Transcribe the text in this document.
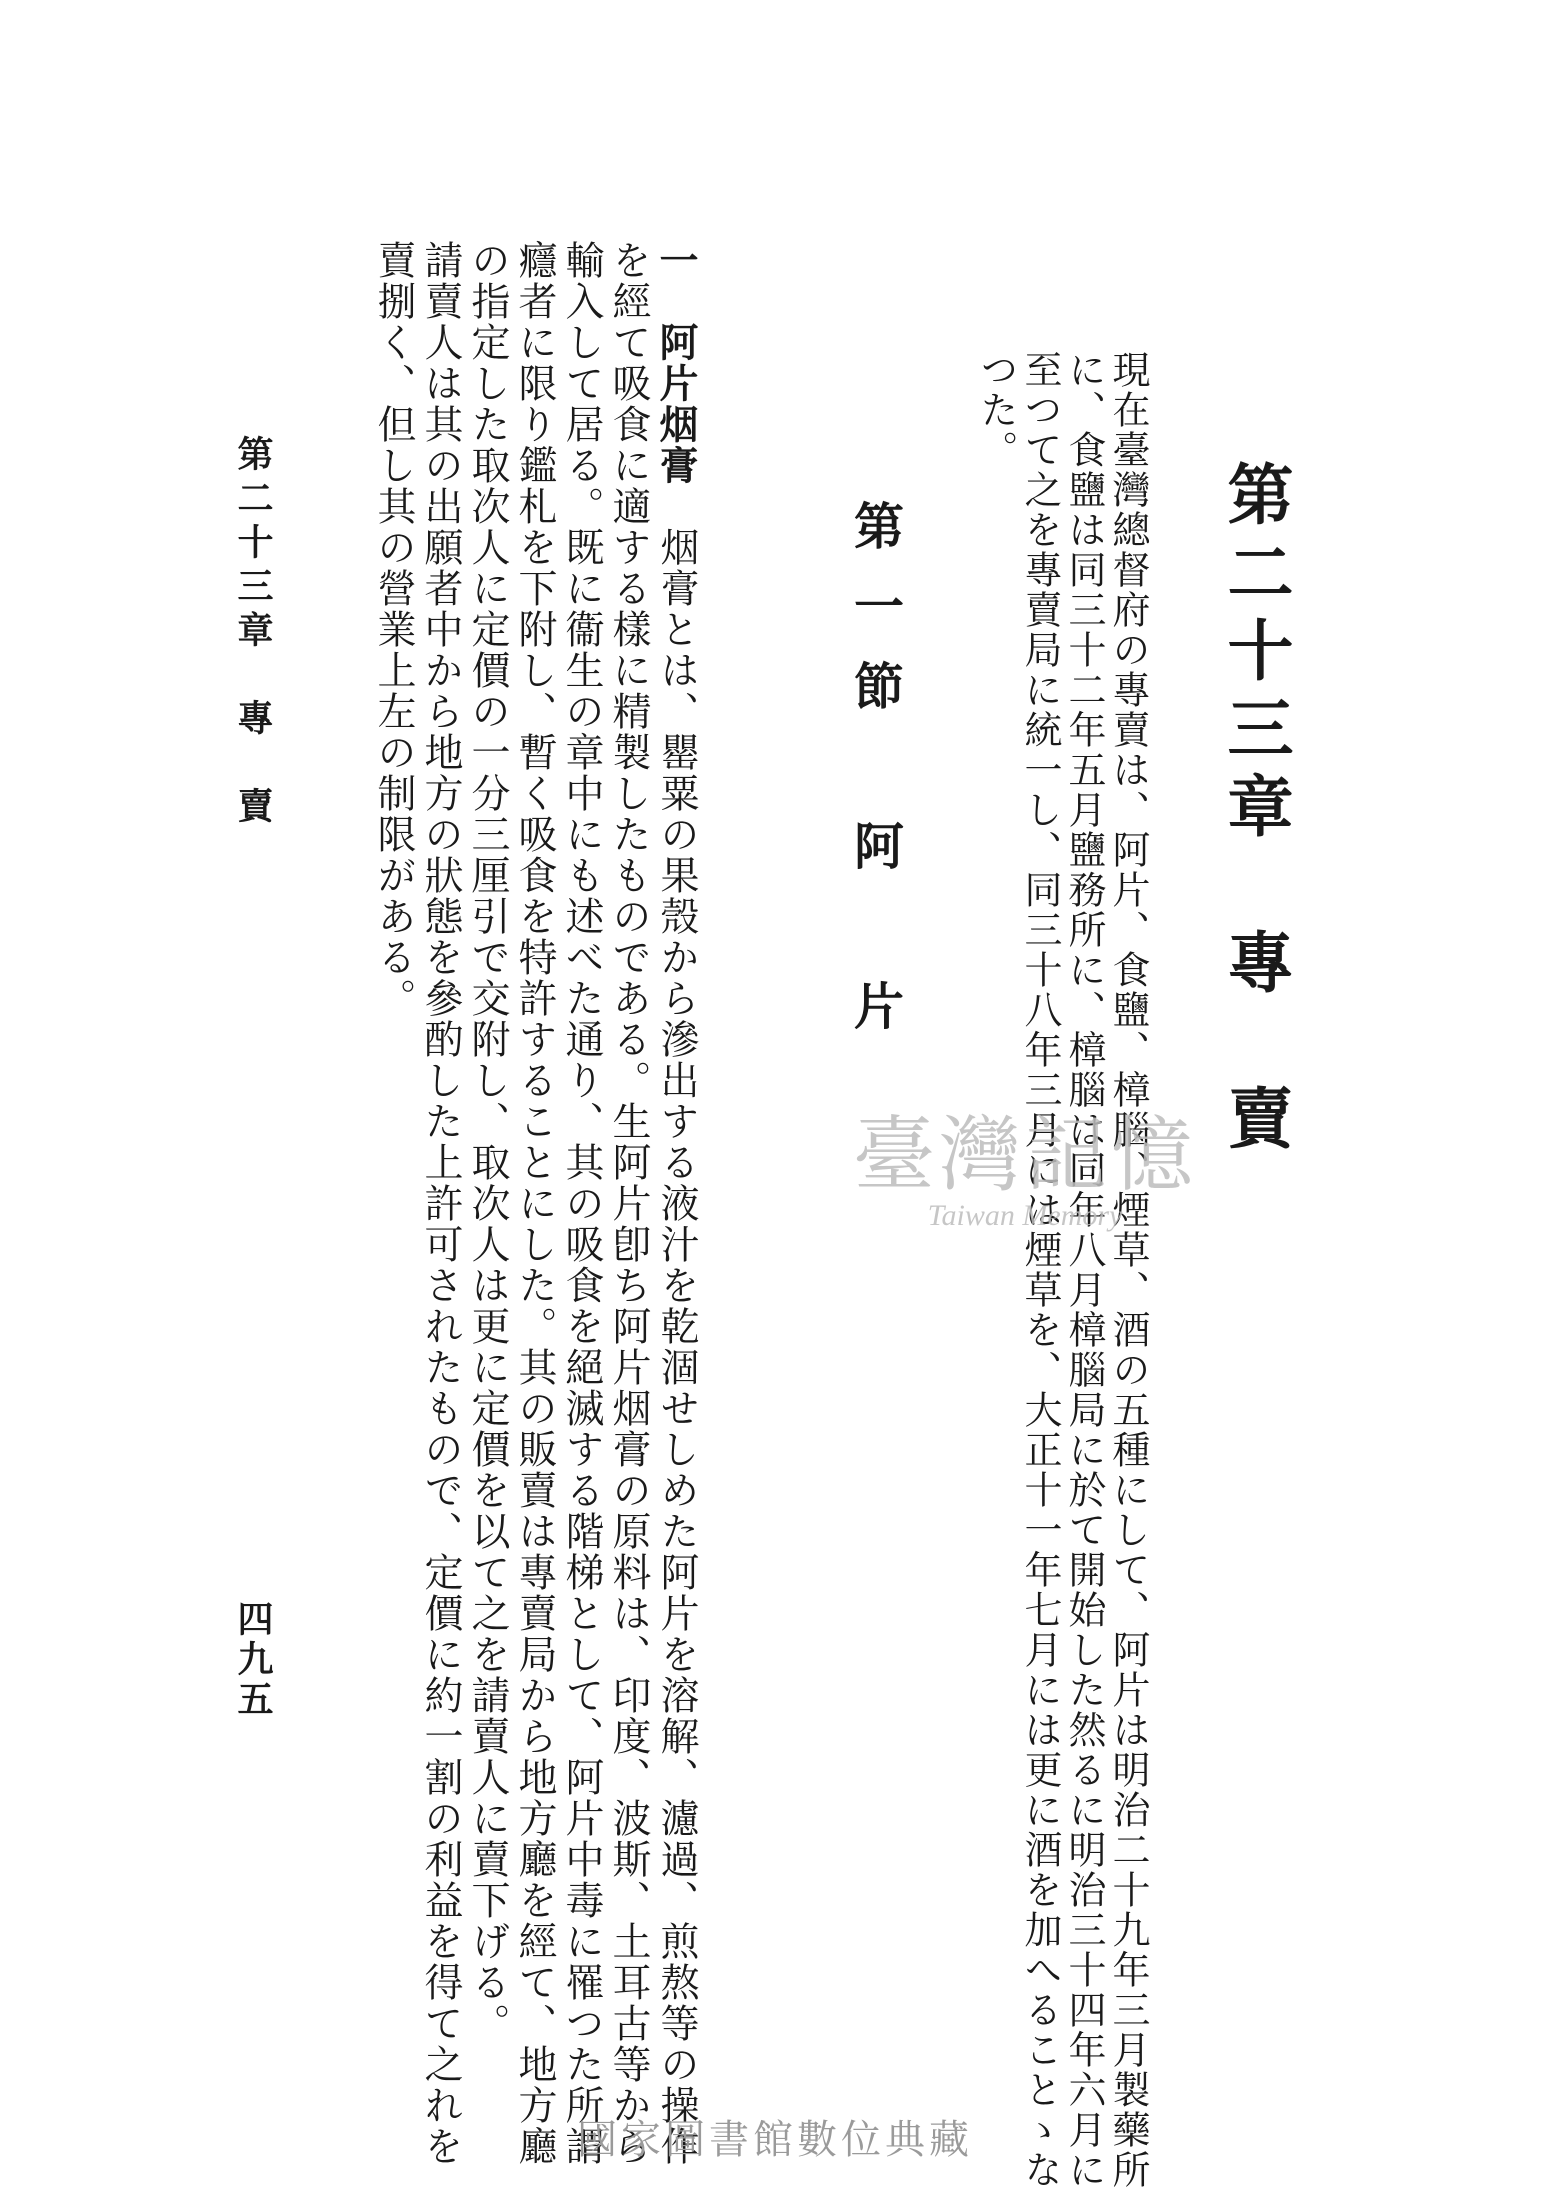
第二十三章　專　賣
現在臺灣總督府の專賣は、阿片、食鹽、樟腦、煙草、酒の五種にして、阿片は明治二十九年三月製藥所に、食鹽は同三十二年五月鹽務所に、樟腦は同年八月樟腦局に於て開始した然るに明治三十四年六月に至つて之を專賣局に統一し、同三十八年三月には煙草を、大正十一年七月には更に酒を加へることゝなつた。
第一節　阿　片

一　阿片烟膏　烟膏とは、罌粟の果殼から滲出する液汁を乾涸せしめた阿片を溶解、濾過、煎熬等の操作を經て吸食に適する樣に精製したものである。生阿片卽ち阿片烟膏の原料は、印度、波斯、土耳古等から輸入して居る。既に衞生の章中にも述べた通り、其の吸食を絕滅する階梯として、阿片中毒に罹つた所謂癮者に限り鑑札を下附し、暫く吸食を特許することにした。其の販賣は專賣局から地方廳を經て、地方廳の指定した取次人に定價の一分三厘引で交附し、取次人は更に定價を以て之を請賣人に賣下げる。

請賣人は其の出願者中から地方の狀態を參酌した上許可されたもので、定價に約一割の利益を得て之れを賣捌く、但し其の營業上左の制限がある。

第二十三章　專　賣
四九五
臺灣記憶
Taiwan Memory
國家圖書館數位典藏
